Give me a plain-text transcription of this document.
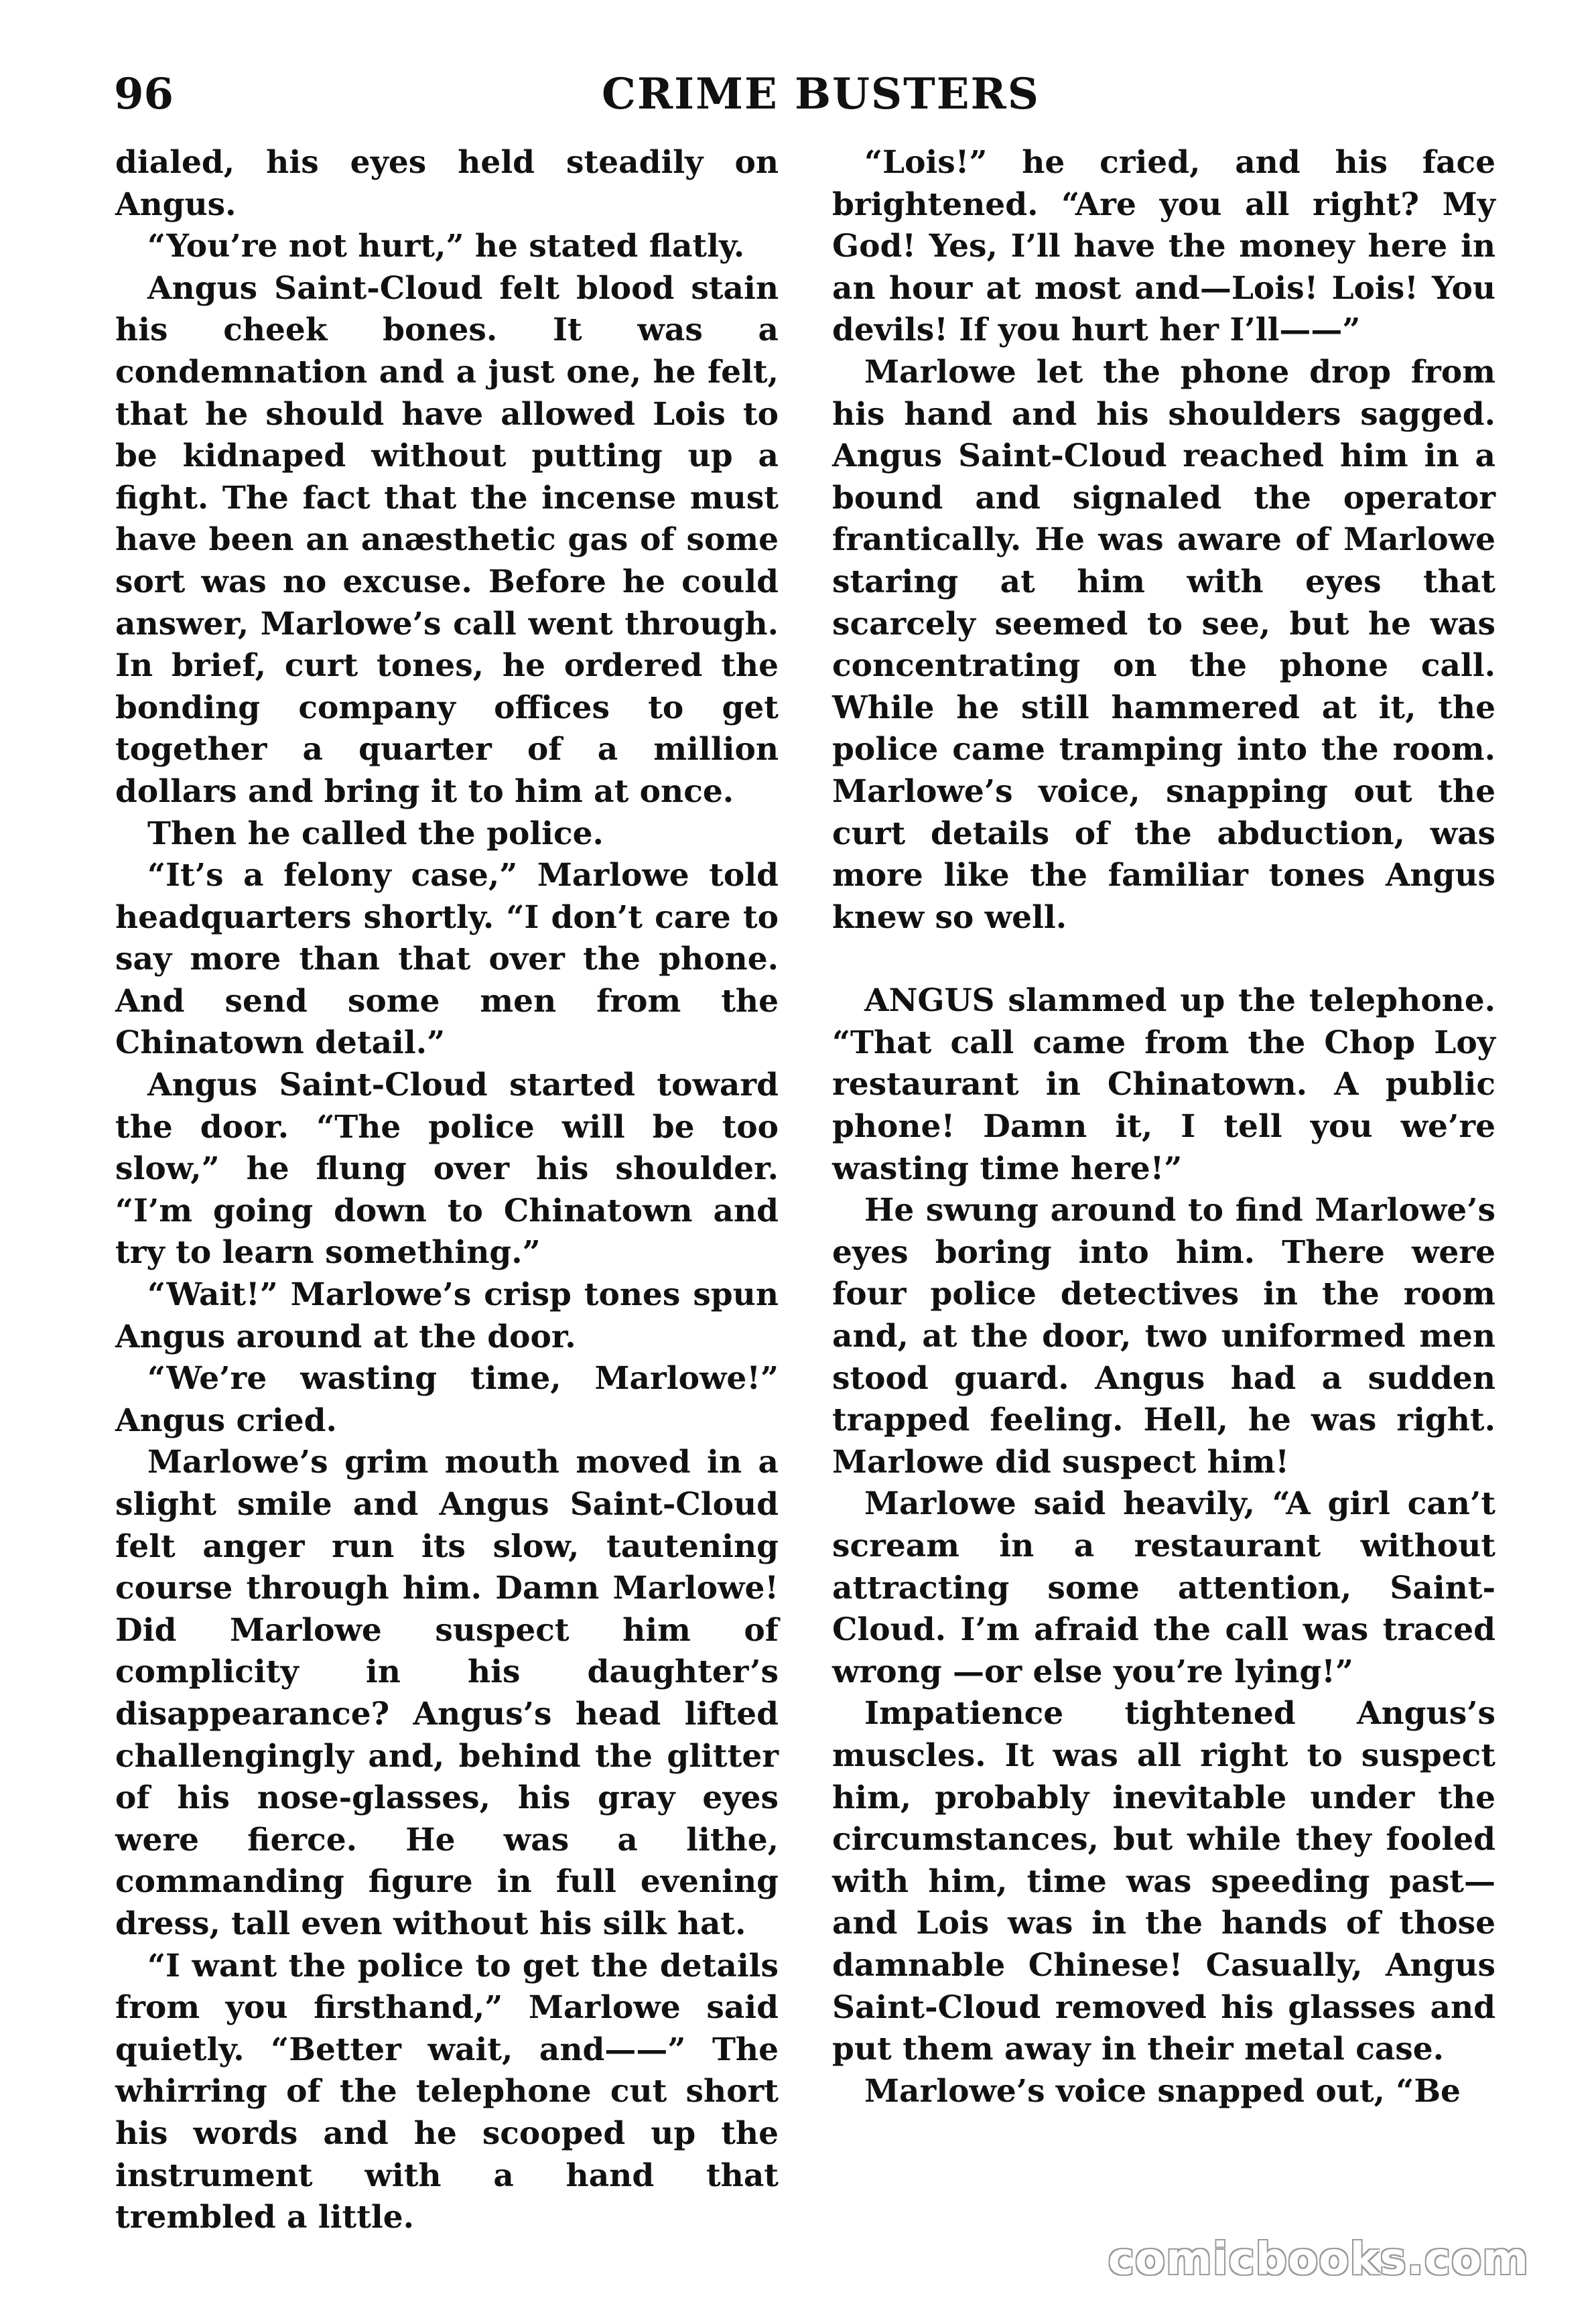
96	CRIME BUSTERS

dialed, his eyes held steadily on Angus.

“You’re not hurt,” he stated flatly.

Angus Saint-Cloud felt blood stain his cheek bones. It was a condemnation and a just one, he felt, that he should have allowed Lois to be kidnaped without putting up a fight. The fact that the incense must have been an anæsthetic gas of some sort was no excuse. Before he could answer, Marlowe’s call went through. In brief, curt tones, he ordered the bonding company offices to get together a quarter of a million dollars and bring it to him at once.

Then he called the police.

“It’s a felony case,” Marlowe told headquarters shortly. “I don’t care to say more than that over the phone. And send some men from the Chinatown detail.”

Angus Saint-Cloud started toward the door. “The police will be too slow,” he flung over his shoulder. “I’m going down to Chinatown and try to learn something.”

“Wait!” Marlowe’s crisp tones spun Angus around at the door.

“We’re wasting time, Marlowe!” Angus cried.

Marlowe’s grim mouth moved in a slight smile and Angus Saint-Cloud felt anger run its slow, tautening course through him. Damn Marlowe! Did Marlowe suspect him of complicity in his daughter’s disappearance? Angus’s head lifted challengingly and, behind the glitter of his nose-glasses, his gray eyes were fierce. He was a lithe, commanding figure in full evening dress, tall even without his silk hat.

“I want the police to get the details from you firsthand,” Marlowe said quietly. “Better wait, and——” The whirring of the telephone cut short his words and he scooped up the instrument with a hand that trembled a little.

“Lois!” he cried, and his face brightened. “Are you all right? My God! Yes, I’ll have the money here in an hour at most and—Lois! Lois! You devils! If you hurt her I’ll——”

Marlowe let the phone drop from his hand and his shoulders sagged. Angus Saint-Cloud reached him in a bound and signaled the operator frantically. He was aware of Marlowe staring at him with eyes that scarcely seemed to see, but he was concentrating on the phone call. While he still hammered at it, the police came tramping into the room. Marlowe’s voice, snapping out the curt details of the abduction, was more like the familiar tones Angus knew so well.

ANGUS slammed up the telephone. “That call came from the Chop Loy restaurant in Chinatown. A public phone! Damn it, I tell you we’re wasting time here!”

He swung around to find Marlowe’s eyes boring into him. There were four police detectives in the room and, at the door, two uniformed men stood guard. Angus had a sudden trapped feeling. Hell, he was right. Marlowe did suspect him!

Marlowe said heavily, “A girl can’t scream in a restaurant without attracting some attention, Saint-Cloud. I’m afraid the call was traced wrong —or else you’re lying!”

Impatience tightened Angus’s muscles. It was all right to suspect him, probably inevitable under the circumstances, but while they fooled with him, time was speeding past—and Lois was in the hands of those damnable Chinese! Casually, Angus Saint-Cloud removed his glasses and put them away in their metal case.

Marlowe’s voice snapped out, “Be

comicbooks.com
